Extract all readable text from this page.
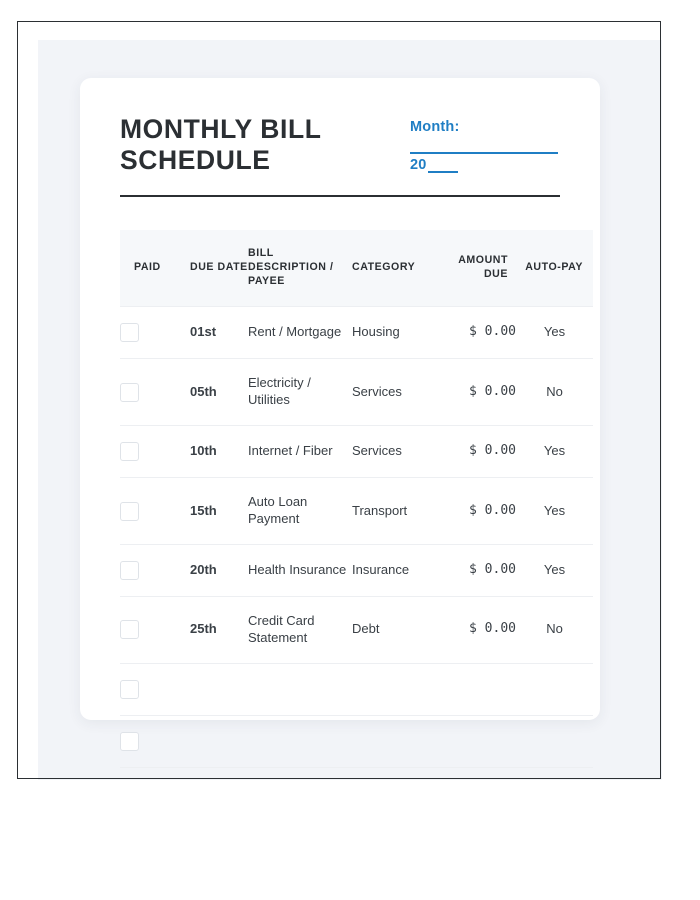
MONTHLY BILL SCHEDULE
Month:
20
PAID	DUE DATE	BILL DESCRIPTION / PAYEE	CATEGORY	AMOUNT DUE	AUTO-PAY

	01st	Rent / Mortgage	Housing	$ 0.00	Yes

	05th	Electricity / Utilities	Services	$ 0.00	No

	10th	Internet / Fiber	Services	$ 0.00	Yes

	15th	Auto Loan Payment	Transport	$ 0.00	Yes

	20th	Health Insurance	Insurance	$ 0.00	Yes

	25th	Credit Card Statement	Debt	$ 0.00	No
